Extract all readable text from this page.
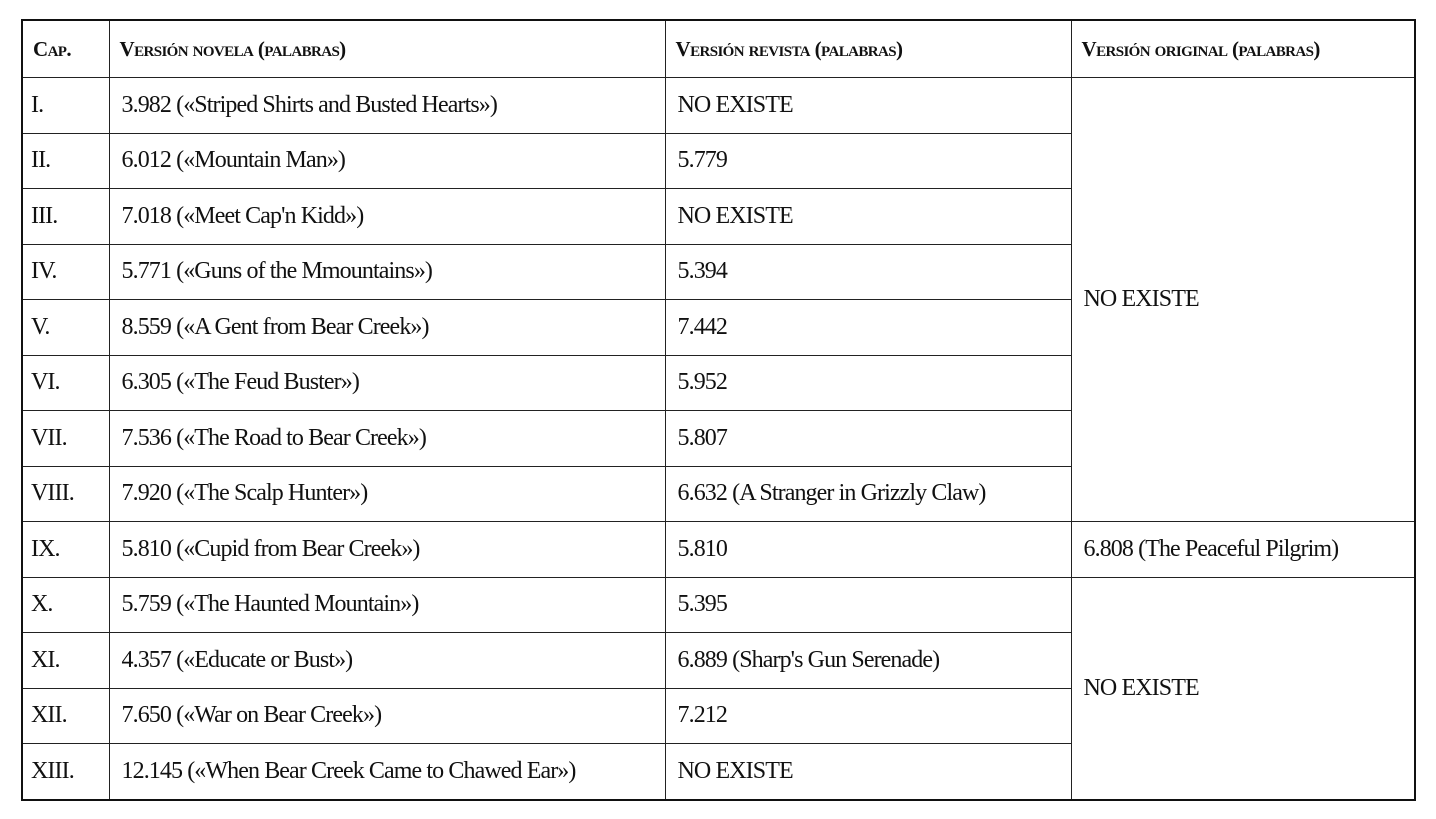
Cap.	Versión novela (palabras)	Versión revista (palabras)	Versión original (palabras)
I.	3.982 («Striped Shirts and Busted Hearts»)	NO EXISTE	NO EXISTE
II.	6.012 («Mountain Man»)	5.779	
III.	7.018 («Meet Cap'n Kidd»)	NO EXISTE	
IV.	5.771 («Guns of the Mmountains»)	5.394	
V.	8.559 («A Gent from Bear Creek»)	7.442	
VI.	6.305 («The Feud Buster»)	5.952	
VII.	7.536 («The Road to Bear Creek»)	5.807	
VIII.	7.920 («The Scalp Hunter»)	6.632 (A Stranger in Grizzly Claw)	
IX.	5.810 («Cupid from Bear Creek»)	5.810	6.808 (The Peaceful Pilgrim)
X.	5.759 («The Haunted Mountain»)	5.395	NO EXISTE
XI.	4.357 («Educate or Bust»)	6.889 (Sharp's Gun Serenade)	
XII.	7.650 («War on Bear Creek»)	7.212	
XIII.	12.145 («When Bear Creek Came to Chawed Ear»)	NO EXISTE	
